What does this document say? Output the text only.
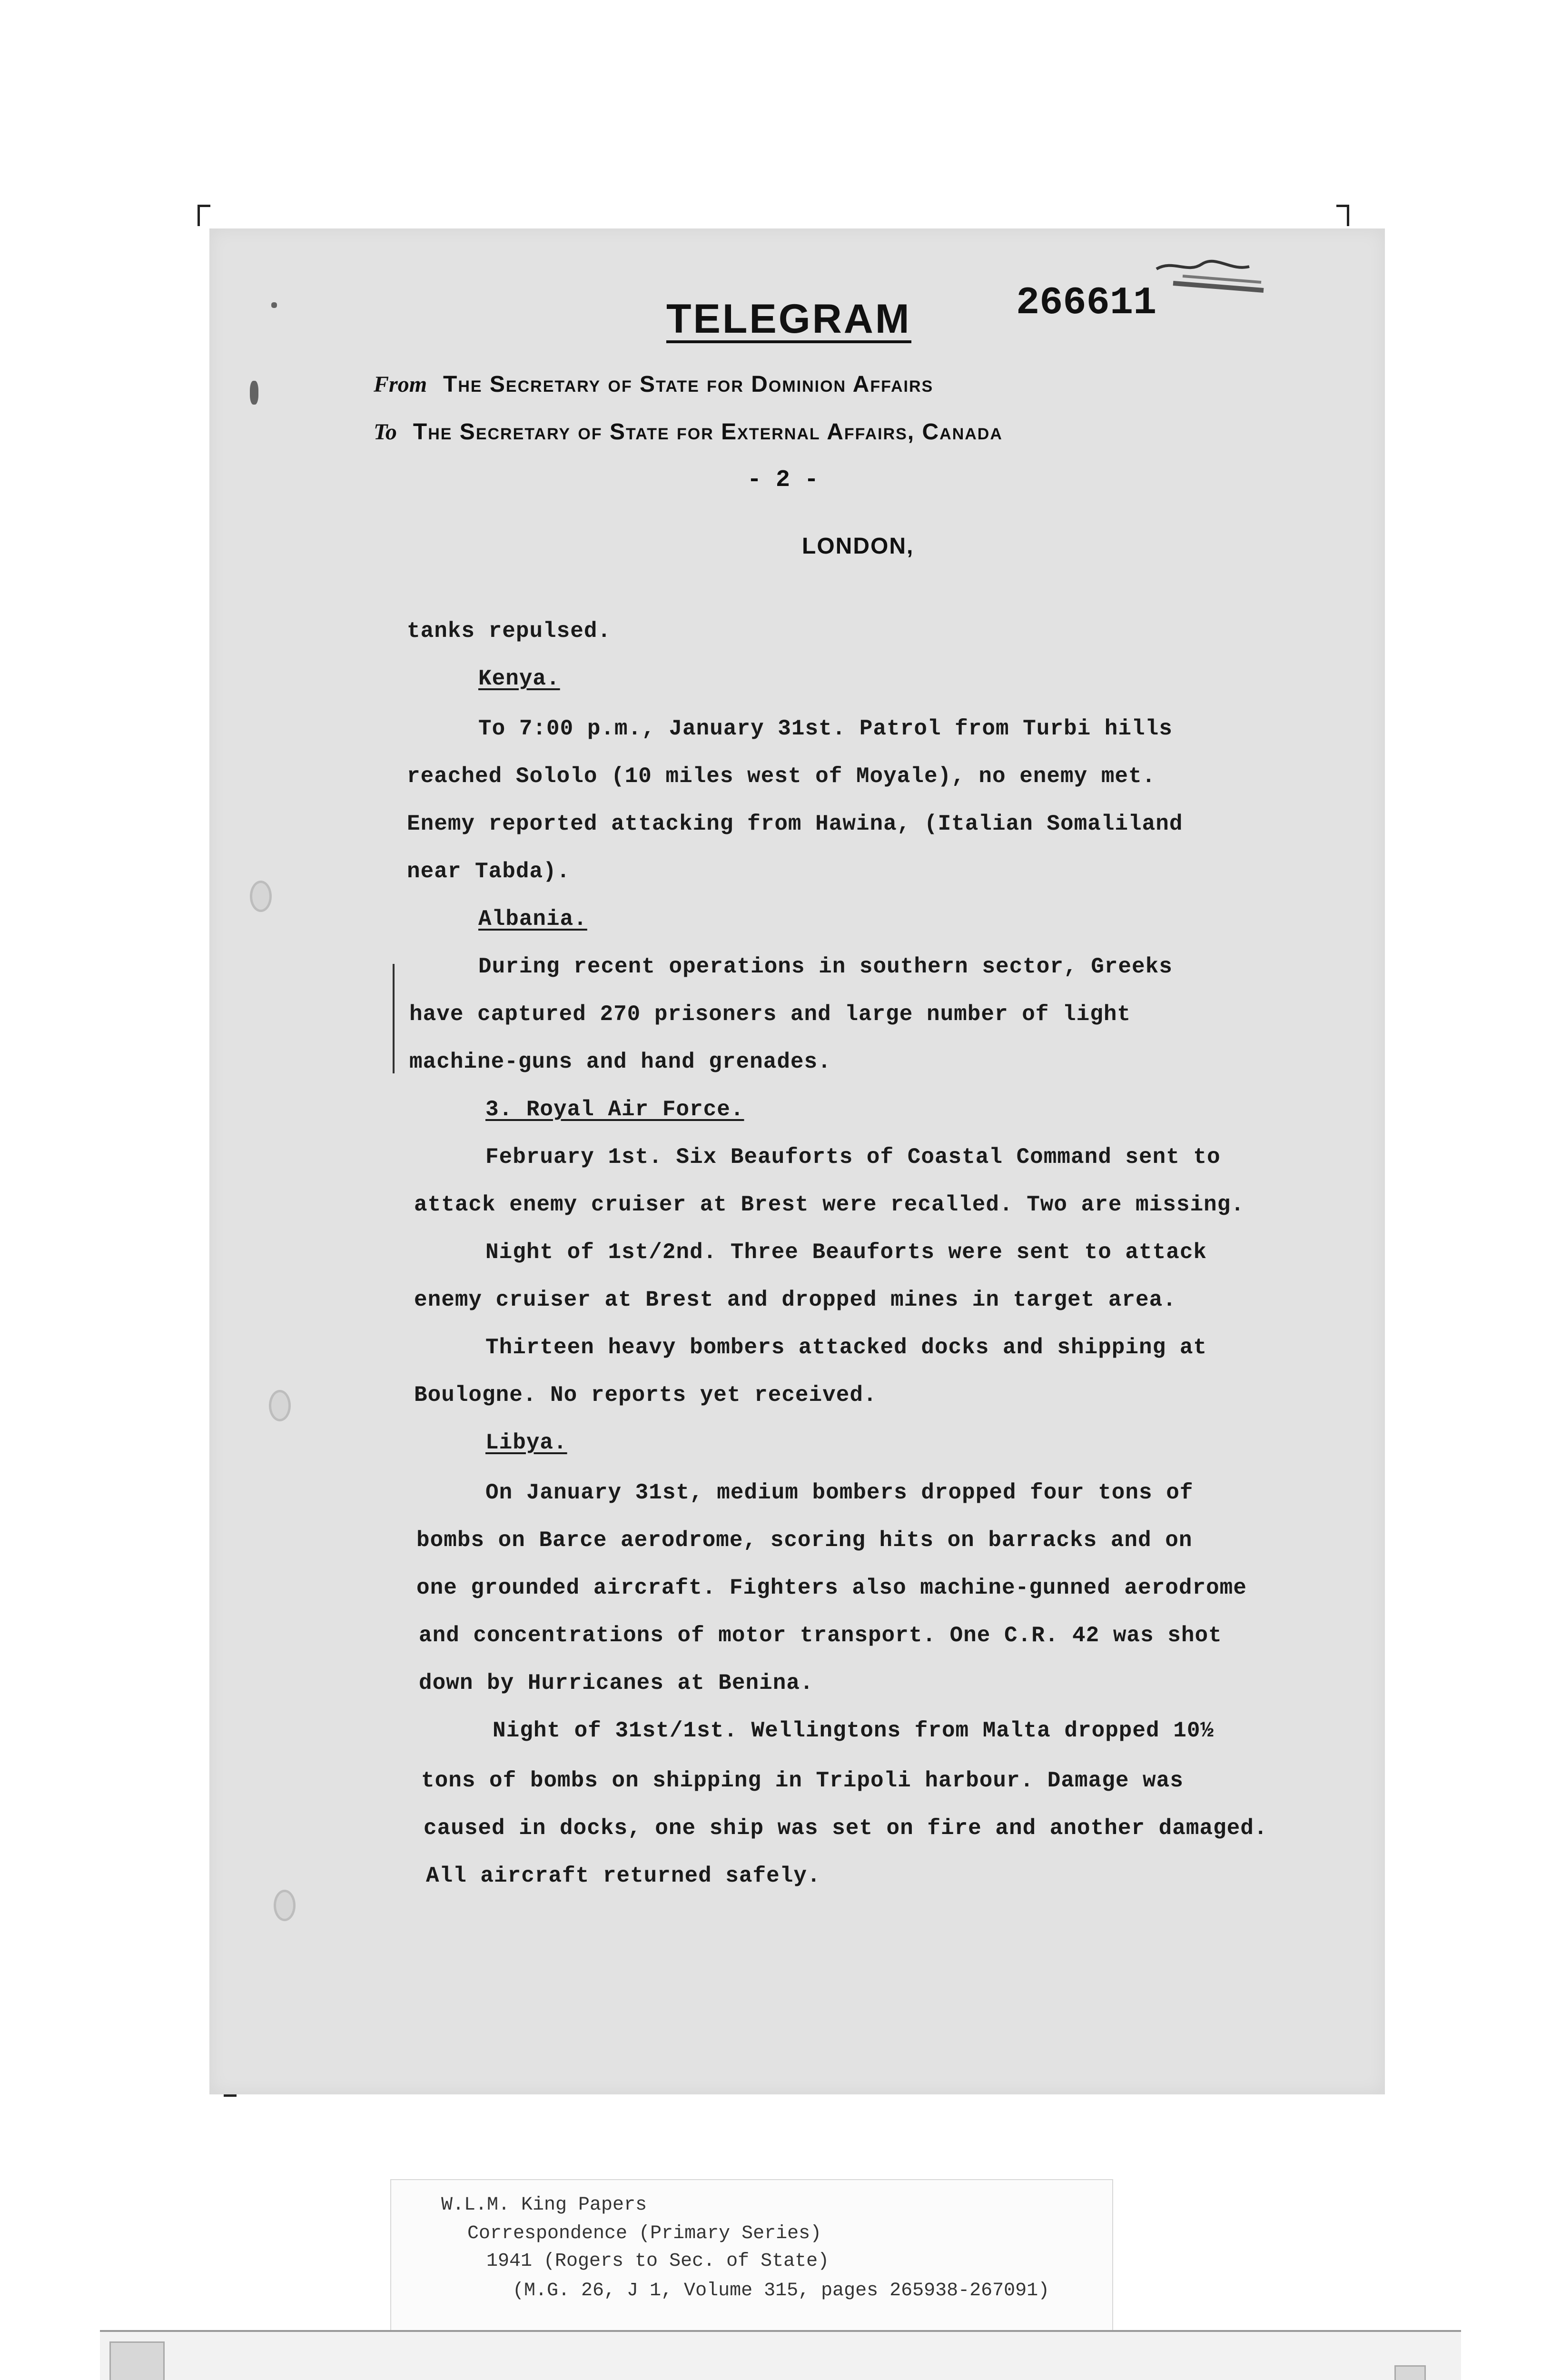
TELEGRAM	266611
From The Secretary of State for Dominion Affairs
To The Secretary of State for External Affairs, Canada
- 2 -
LONDON,
tanks repulsed.
Kenya.
To 7:00 p.m., January 31st. Patrol from Turbi hills
reached Sololo (10 miles west of Moyale), no enemy met.
Enemy reported attacking from Hawina, (Italian Somaliland
near Tabda).
Albania.
During recent operations in southern sector, Greeks
have captured 270 prisoners and large number of light
machine-guns and hand grenades.
3. Royal Air Force.
February 1st. Six Beauforts of Coastal Command sent to
attack enemy cruiser at Brest were recalled. Two are missing.
Night of 1st/2nd. Three Beauforts were sent to attack
enemy cruiser at Brest and dropped mines in target area.
Thirteen heavy bombers attacked docks and shipping at
Boulogne. No reports yet received.
Libya.
On January 31st, medium bombers dropped four tons of
bombs on Barce aerodrome, scoring hits on barracks and on
one grounded aircraft. Fighters also machine-gunned aerodrome
and concentrations of motor transport. One C.R. 42 was shot
down by Hurricanes at Benina.
Night of 31st/1st. Wellingtons from Malta dropped 10½
tons of bombs on shipping in Tripoli harbour. Damage was
caused in docks, one ship was set on fire and another damaged.
All aircraft returned safely.
W.L.M. King Papers
Correspondence (Primary Series)
1941 (Rogers to Sec. of State)
(M.G. 26, J 1, Volume 315, pages 265938-267091)
